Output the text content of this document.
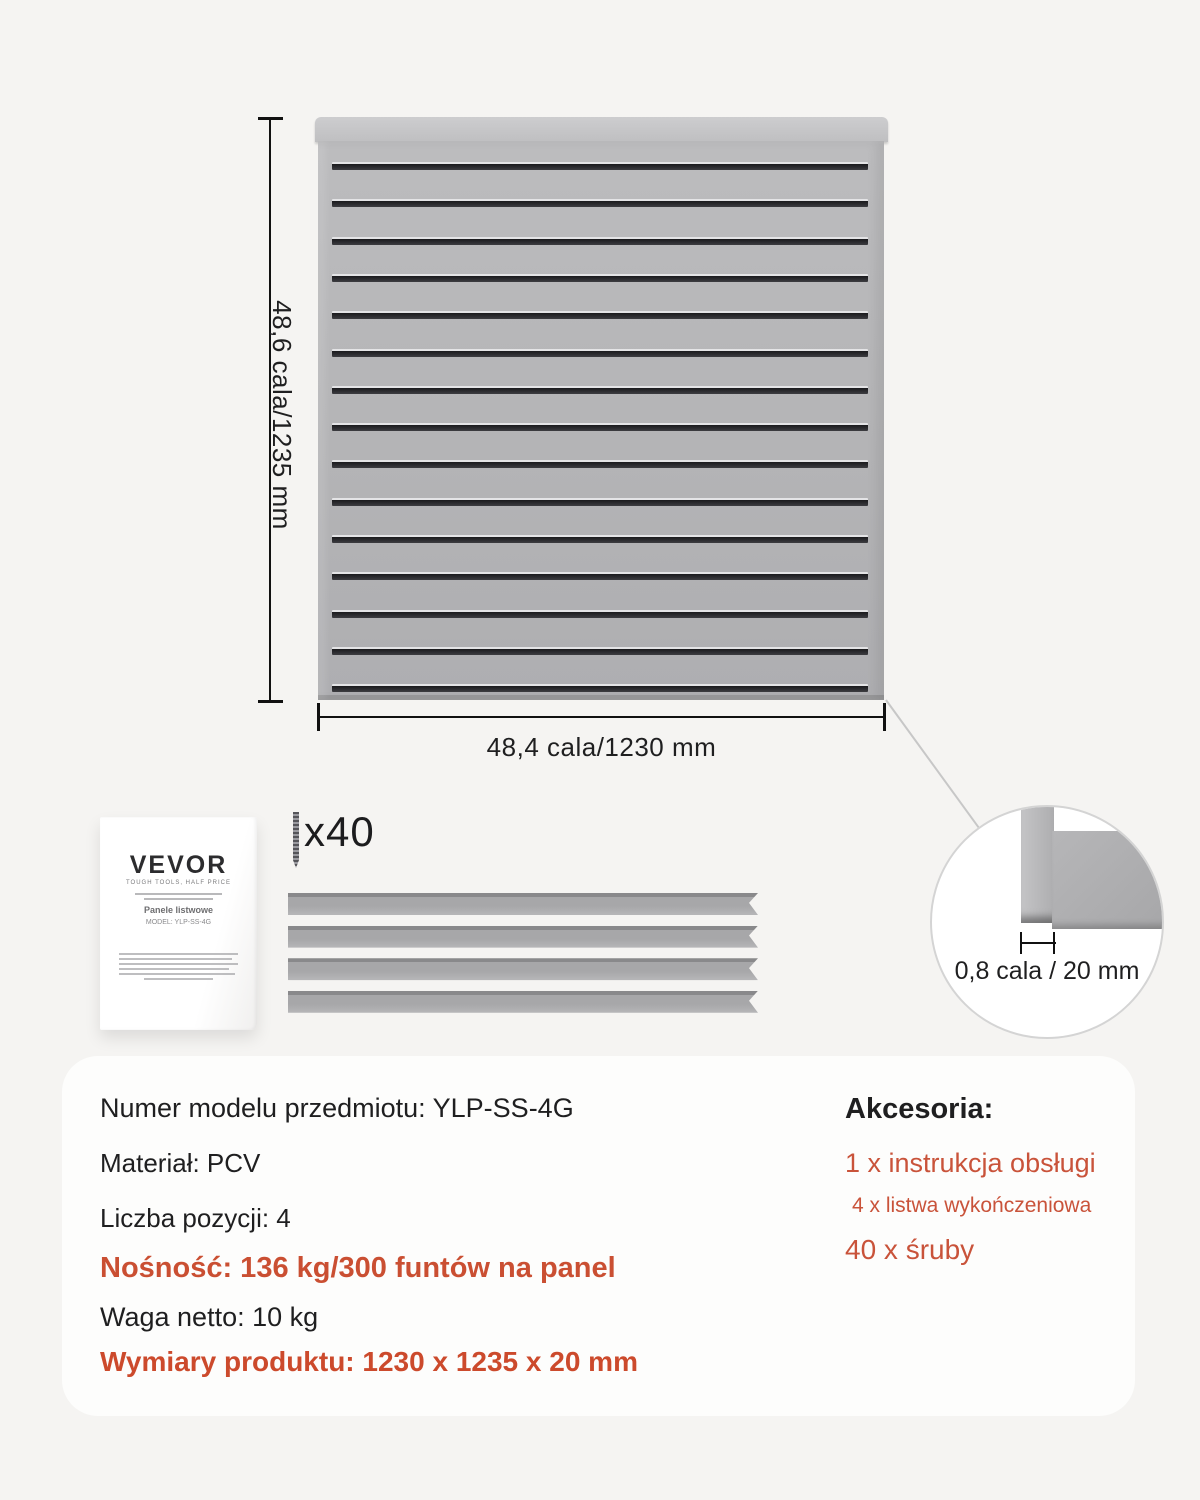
48,6 cala/1235 mm
48,4 cala/1230 mm
0,8 cala / 20 mm
VEVOR
TOUGH TOOLS, HALF PRICE
Panele listwowe
MODEL: YLP-SS-4G
x40
Numer modelu przedmiotu: YLP-SS-4G
Materiał: PCV
Liczba pozycji: 4
Nośność: 136 kg/300 funtów na panel
Waga netto: 10 kg
Wymiary produktu: 1230 x 1235 x 20 mm
Akcesoria:
1 x instrukcja obsługi
4 x listwa wykończeniowa
40 x śruby
